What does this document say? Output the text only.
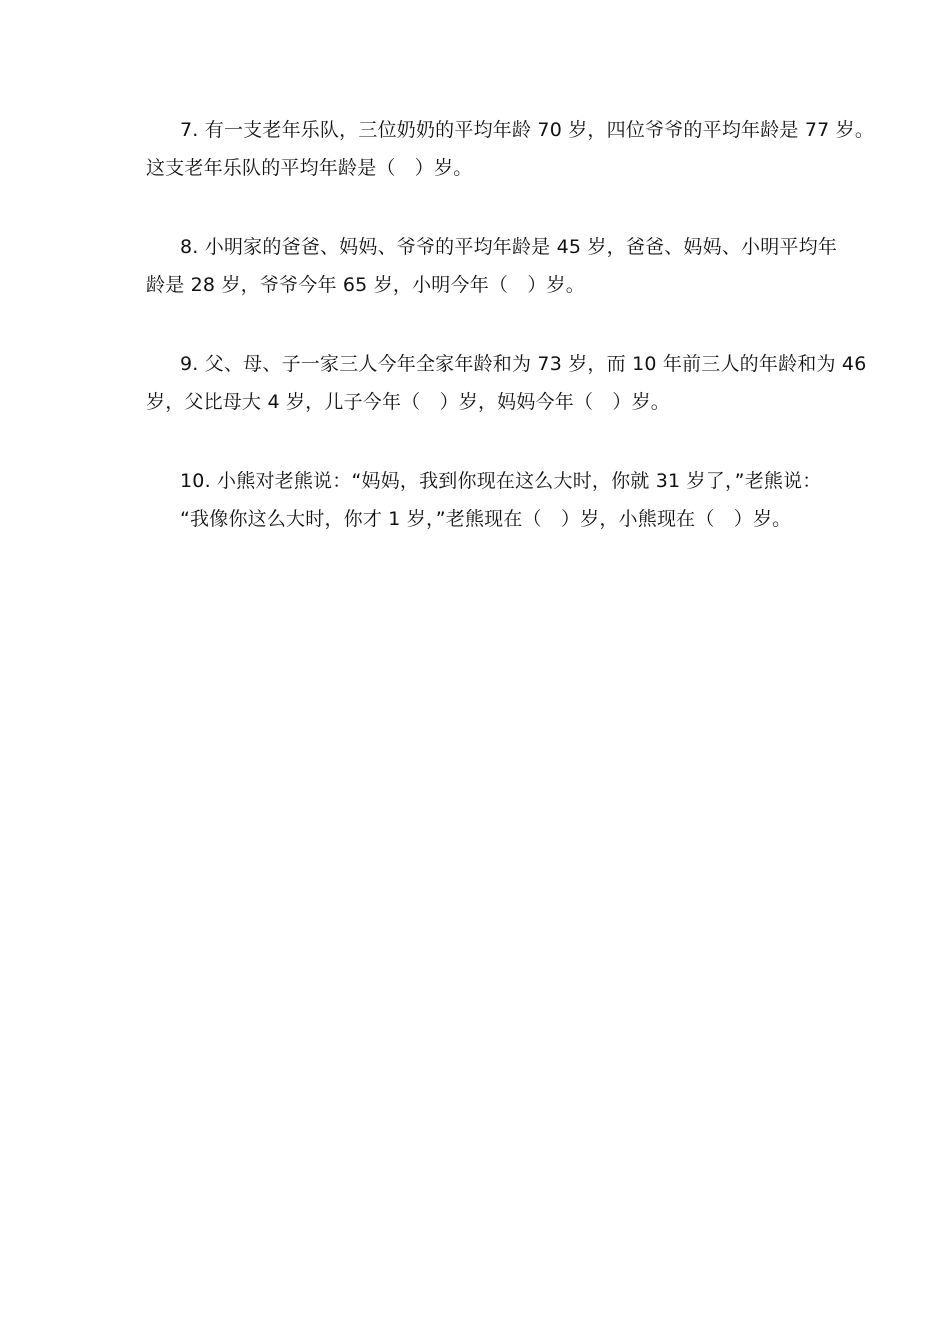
7. 有一支老年乐队，三位奶奶的平均年龄 70 岁，四位爷爷的平均年龄是 77 岁。
这支老年乐队的平均年龄是（　）岁。
8. 小明家的爸爸、妈妈、爷爷的平均年龄是 45 岁，爸爸、妈妈、小明平均年
龄是 28 岁，爷爷今年 65 岁，小明今年（　）岁。
9. 父、母、子一家三人今年全家年龄和为 73 岁，而 10 年前三人的年龄和为 46
岁，父比母大 4 岁，儿子今年（　）岁，妈妈今年（　）岁。
10. 小熊对老熊说：“妈妈，我到你现在这么大时，你就 31 岁了，”老熊说：
“我像你这么大时，你才 1 岁，”老熊现在（　）岁，小熊现在（　）岁。
